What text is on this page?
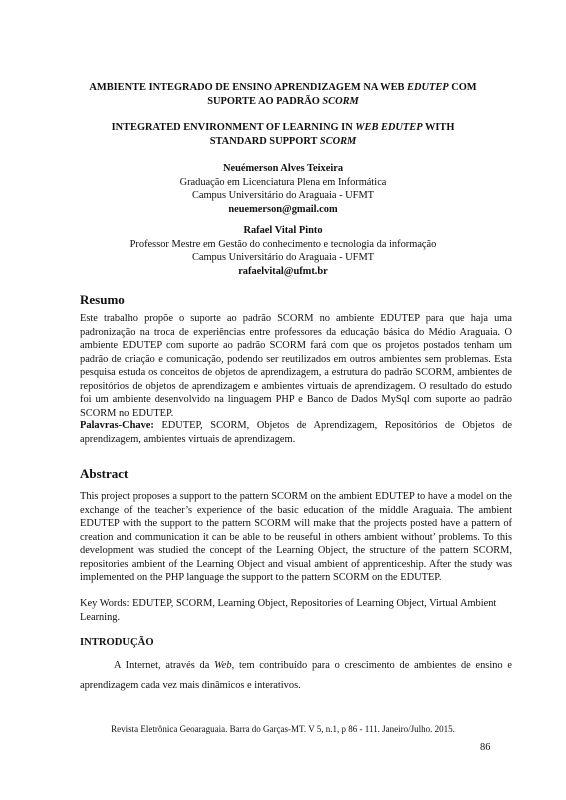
AMBIENTE INTEGRADO DE ENSINO APRENDIZAGEM NA WEB EDUTEP COM
SUPORTE AO PADRÃO SCORM
INTEGRATED ENVIRONMENT OF LEARNING IN WEB EDUTEP WITH
STANDARD SUPPORT SCORM
Neuémerson Alves Teixeira
Graduação em Licenciatura Plena em Informática
Campus Universitário do Araguaia - UFMT
neuemerson@gmail.com
Rafael Vital Pinto
Professor Mestre em Gestão do conhecimento e tecnologia da informação
Campus Universitário do Araguaia - UFMT
rafaelvital@ufmt.br
Resumo

Este trabalho propõe o suporte ao padrão SCORM no ambiente EDUTEP para que haja uma padronização na troca de experiências entre professores da educação básica do Médio Araguaia. O ambiente EDUTEP com suporte ao padrão SCORM fará com que os projetos postados tenham um padrão de criação e comunicação, podendo ser reutilizados em outros ambientes sem problemas. Esta pesquisa estuda os conceitos de objetos de aprendizagem, a estrutura do padrão SCORM, ambientes de repositórios de objetos de aprendizagem e ambientes virtuais de aprendizagem. O resultado do estudo foi um ambiente desenvolvido na linguagem PHP e Banco de Dados MySql com suporte ao padrão SCORM no EDUTEP.

Palavras-Chave: EDUTEP, SCORM, Objetos de Aprendizagem, Repositórios de Objetos de aprendizagem, ambientes virtuais de aprendizagem.

Abstract

This project proposes a support to the pattern SCORM on the ambient EDUTEP to have a model on the exchange of the teacher’s experience of the basic education of the middle Araguaia. The ambient EDUTEP with the support to the pattern SCORM will make that the projects posted have a pattern of creation and communication it can be able to be reuseful in others ambient without’ problems. To this development was studied the concept of the Learning Object, the structure of the pattern SCORM, repositories ambient of the Learning Object and visual ambient of apprenticeship. After the study was implemented on the PHP language the support to the pattern SCORM on the EDUTEP.

Key Words: EDUTEP, SCORM, Learning Object, Repositories of Learning Object, Virtual Ambient Learning.

INTRODUÇÃO

A Internet, através da Web, tem contribuído para o crescimento de ambientes de ensino e aprendizagem cada vez mais dinâmicos e interativos.

Revista Eletrônica Geoaraguaia. Barra do Garças-MT. V 5, n.1, p 86 - 111. Janeiro/Julho. 2015.
86
